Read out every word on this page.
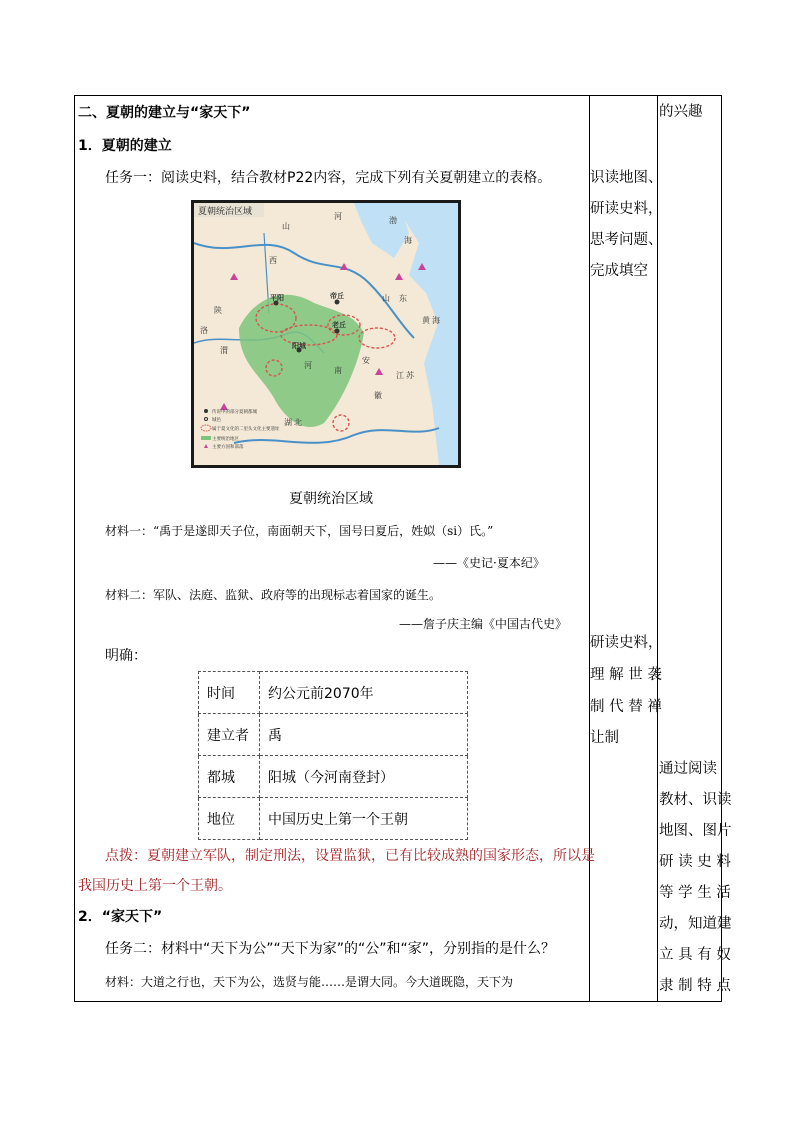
二、夏朝的建立与“家天下”
1．夏朝的建立
任务一：阅读史料，结合教材P22内容，完成下列有关夏朝建立的表格。
夏朝统治区域
山
河	渤
海
西
平阳	帝丘	山 东
阳城
老丘
河
南
黄 海
安
徽
湖 北
江 苏
洛
渭
陕
传说中的部分夏朝都城
城邑
属于夏文化的二里头文化主要遗址
主要统治地区
主要方国和部落
夏朝统治区域
材料一：“禹于是遂即天子位，南面朝天下，国号曰夏后，姓姒（si）氏。”
——《史记·夏本纪》
材料二：军队、法庭、监狱、政府等的出现标志着国家的诞生。
——詹子庆主编《中国古代史》
明确：
时间	约公元前2070年
建立者	禹
都城	阳城（今河南登封）
地位	中国历史上第一个王朝
点拨：夏朝建立军队，制定刑法，设置监狱，已有比较成熟的国家形态，所以是
我国历史上第一个王朝。
2．“家天下”
任务二：材料中“天下为公”“天下为家”的“公”和“家”，分别指的是什么？
材料：大道之行也，天下为公，选贤与能……是谓大同。今大道既隐，天下为
识读地图、
研读史料，
思考问题、
完成填空
研读史料，
理 解 世 袭
制 代 替 禅
让制
的兴趣
通过阅读
教材、识读
地图、图片
研 读 史 料
等 学 生 活
动，知道建
立 具 有 奴
隶 制 特 点
